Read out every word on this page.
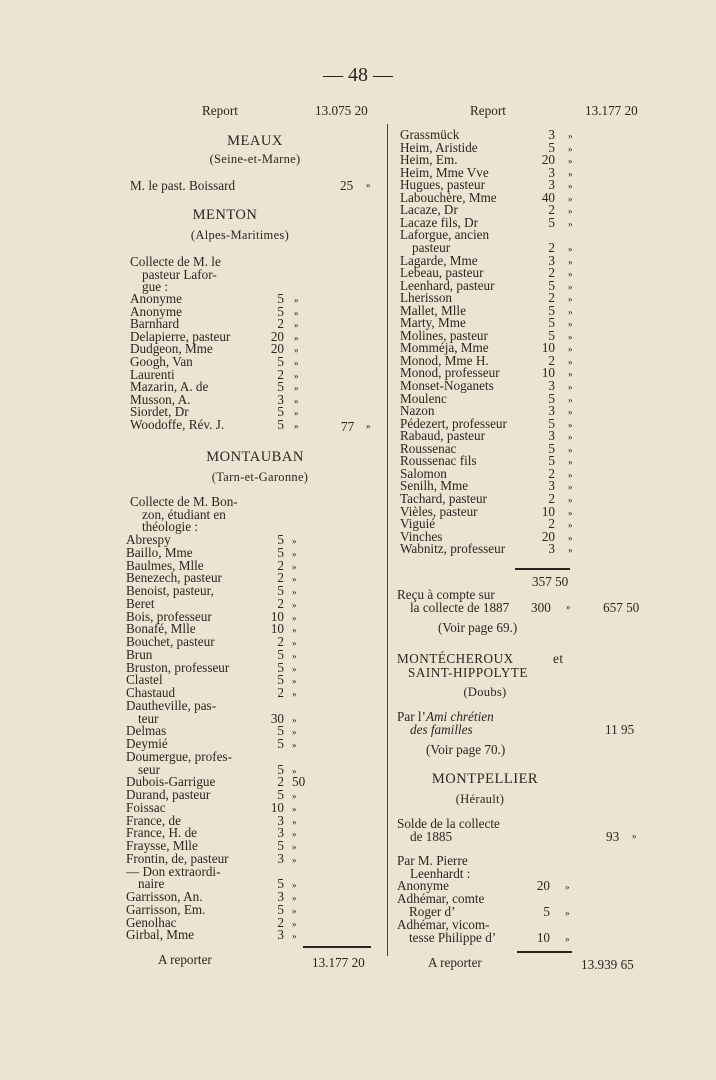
— 48 —
Report	13.075 20
MEAUX
(Seine-et-Marne)
M. le past. Boissard	25 »
MENTON
(Alpes-Maritimes)
Collecte de M. le
pasteur Lafor-
gue :
Anonyme	5 »
Anonyme	5 »
Barnhard	2 »
Delapierre, pasteur	20 »
Dudgeon, Mme	20 »
Googh, Van	5 »
Laurenti	2 »
Mazarin, A. de	5 »
Musson, A.	3 »
Siordet, Dr	5 »
Woodoffe, Rév. J.	5 »	77 »
MONTAUBAN
(Tarn-et-Garonne)
Collecte de M. Bon-
zon, étudiant en
théologie :
Abrespy	5 »
Baillo, Mme	5 »
Baulmes, Mlle	2 »
Benezech, pasteur	2 »
Benoist, pasteur,	5 »
Beret	2 »
Bois, professeur	10 »
Bonafé, Mlle	10 »
Bouchet, pasteur	2 »
Brun	5 »
Bruston, professeur	5 »
Clastel	5 »
Chastaud	2 »
Dautheville, pas-
teur	30 »
Delmas	5 »
Deymié	5 »
Doumergue, profes-
seur	5 »
Dubois-Garrigue	2 50
Durand, pasteur	5 »
Foissac	10 »
France, de	3 »
France, H. de	3 »
Fraysse, Mlle	5 »
Frontin, de, pasteur	3 »
— Don extraordi-
naire	5 »
Garrisson, An.	3 »
Garrisson, Em.	5 »
Genolhac	2 »
Girbal, Mme	3 »
A reporter	13.177 20
Report	13.177 20
Grassmück	3 »
Heim, Aristide	5 »
Heim, Em.	20 »
Heim, Mme Vve	3 »
Hugues, pasteur	3 »
Labouchère, Mme	40 »
Lacaze, Dr	2 »
Lacaze fils, Dr	5 »
Laforgue, ancien
pasteur	2 »
Lagarde, Mme	3 »
Lebeau, pasteur	2 »
Leenhard, pasteur	5 »
Lherisson	2 »
Mallet, Mlle	5 »
Marty, Mme	5 »
Molines, pasteur	5 »
Momméja, Mme	10 »
Monod, Mme H.	2 »
Monod, professeur	10 »
Monset-Noganets	3 »
Moulenc	5 »
Nazon	3 »
Pédezert, professeur	5 »
Rabaud, pasteur	3 »
Roussenac	5 »
Roussenac fils	5 »
Salomon	2 »
Senilh, Mme	3 »
Tachard, pasteur	2 »
Vièles, pasteur	10 »
Viguié	2 »
Vinches	20 »
Wabnitz, professeur	3 »
357 50
Reçu à compte sur
la collecte de 1887 300 » 657 50
(Voir page 69.)
MONTÉCHEROUX	et
SAINT-HIPPOLYTE
(Doubs)
Par l’Ami chrétien
des familles	11 95
(Voir page 70.)
MONTPELLIER
(Hérault)
Solde de la collecte
de 1885	93 »
Par M. Pierre
Leenhardt :
Anonyme	20 »
Adhémar, comte
Roger d’	5 »
Adhémar, vicom-
tesse Philippe d’	10 »
A reporter	13.939 65
